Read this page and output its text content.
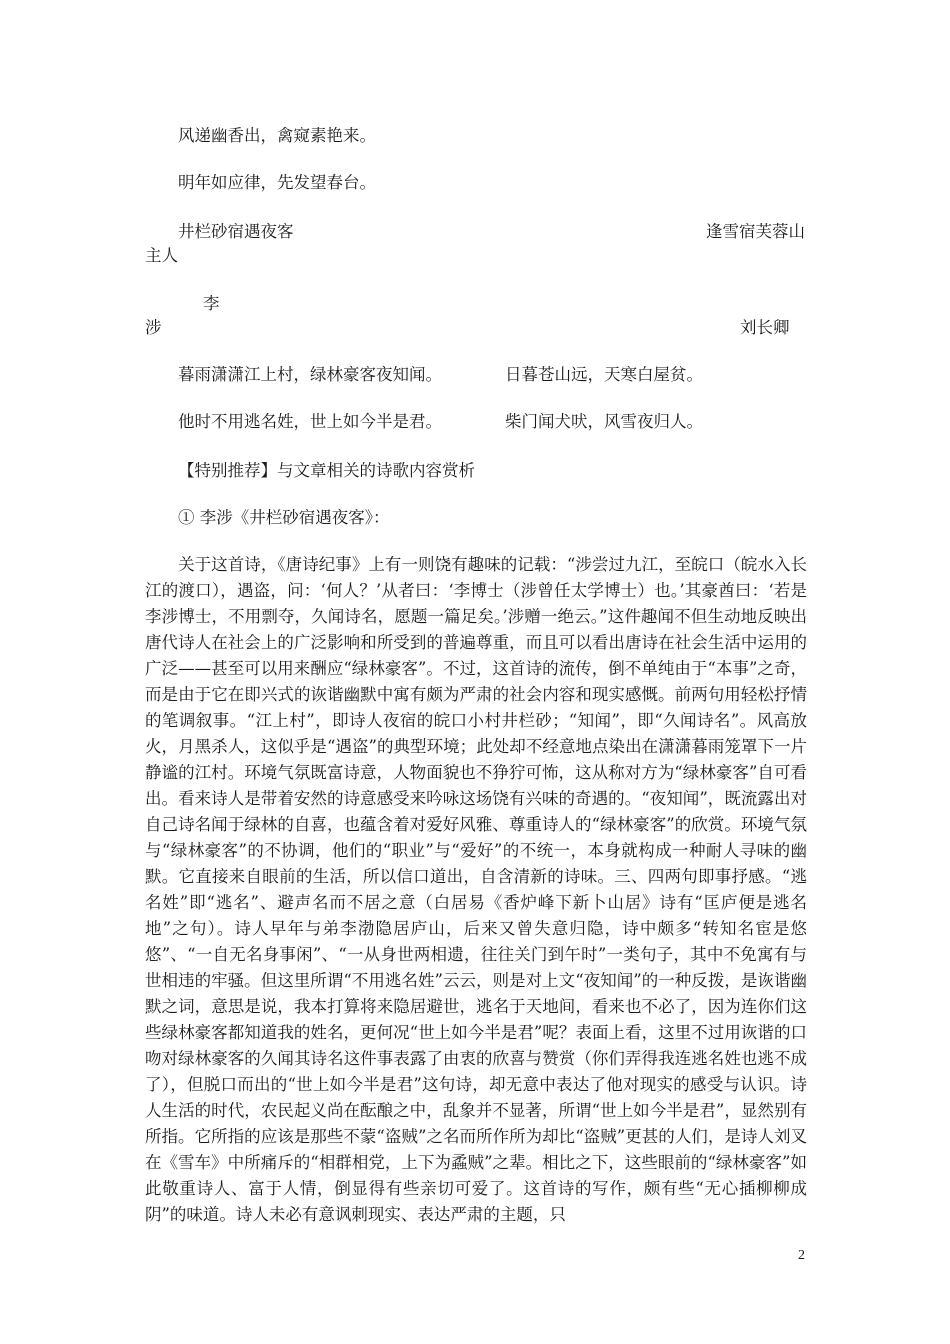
风递幽香出，禽窥素艳来。
明年如应律，先发望春台。
井栏砂宿遇夜客	逢雪宿芙蓉山
主人
李
涉	刘长卿
暮雨潇潇江上村，绿林豪客夜知闻。	日暮苍山远，天寒白屋贫。
他时不用逃名姓，世上如今半是君。	柴门闻犬吠，风雪夜归人。
【特别推荐】与文章相关的诗歌内容赏析
① 李涉《井栏砂宿遇夜客》：
　　关于这首诗，《唐诗纪事》上有一则饶有趣味的记载：“涉尝过九江，至皖口（皖水入长江的渡口），遇盗，问：‘何人？’从者曰：‘李博士（涉曾任太学博士）也。’其豪酋曰：‘若是李涉博士，不用剽夺，久闻诗名，愿题一篇足矣。’涉赠一绝云。”这件趣闻不但生动地反映出唐代诗人在社会上的广泛影响和所受到的普遍尊重，而且可以看出唐诗在社会生活中运用的广泛——甚至可以用来酬应“绿林豪客”。不过，这首诗的流传，倒不单纯由于“本事”之奇，而是由于它在即兴式的诙谐幽默中寓有颇为严肃的社会内容和现实感慨。前两句用轻松抒情的笔调叙事。“江上村”，即诗人夜宿的皖口小村井栏砂；“知闻”，即“久闻诗名”。风高放火，月黑杀人，这似乎是“遇盗”的典型环境；此处却不经意地点染出在潇潇暮雨笼罩下一片静谧的江村。环境气氛既富诗意，人物面貌也不狰狞可怖，这从称对方为“绿林豪客”自可看出。看来诗人是带着安然的诗意感受来吟咏这场饶有兴味的奇遇的。“夜知闻”，既流露出对自己诗名闻于绿林的自喜，也蕴含着对爱好风雅、尊重诗人的“绿林豪客”的欣赏。环境气氛与“绿林豪客”的不协调，他们的“职业”与“爱好”的不统一，本身就构成一种耐人寻味的幽默。它直接来自眼前的生活，所以信口道出，自含清新的诗味。三、四两句即事抒感。“逃名姓”即“逃名”、避声名而不居之意（白居易《香炉峰下新卜山居》诗有“匡庐便是逃名地”之句）。诗人早年与弟李渤隐居庐山，后来又曾失意归隐，诗中颇多“转知名宦是悠悠”、“一自无名身事闲”、“一从身世两相遗，往往关门到午时”一类句子，其中不免寓有与世相违的牢骚。但这里所谓“不用逃名姓”云云，则是对上文“夜知闻”的一种反拨，是诙谐幽默之词，意思是说，我本打算将来隐居避世，逃名于天地间，看来也不必了，因为连你们这些绿林豪客都知道我的姓名，更何况“世上如今半是君”呢？表面上看，这里不过用诙谐的口吻对绿林豪客的久闻其诗名这件事表露了由衷的欣喜与赞赏（你们弄得我连逃名姓也逃不成了），但脱口而出的“世上如今半是君”这句诗，却无意中表达了他对现实的感受与认识。诗人生活的时代，农民起义尚在酝酿之中，乱象并不显著，所谓“世上如今半是君”，显然别有所指。它所指的应该是那些不蒙“盗贼”之名而所作所为却比“盗贼”更甚的人们，是诗人刘叉在《雪车》中所痛斥的“相群相党，上下为蟊贼”之辈。相比之下，这些眼前的“绿林豪客”如此敬重诗人、富于人情，倒显得有些亲切可爱了。这首诗的写作，颇有些“无心插柳柳成阴”的味道。诗人未必有意讽刺现实、表达严肃的主题，只
2
